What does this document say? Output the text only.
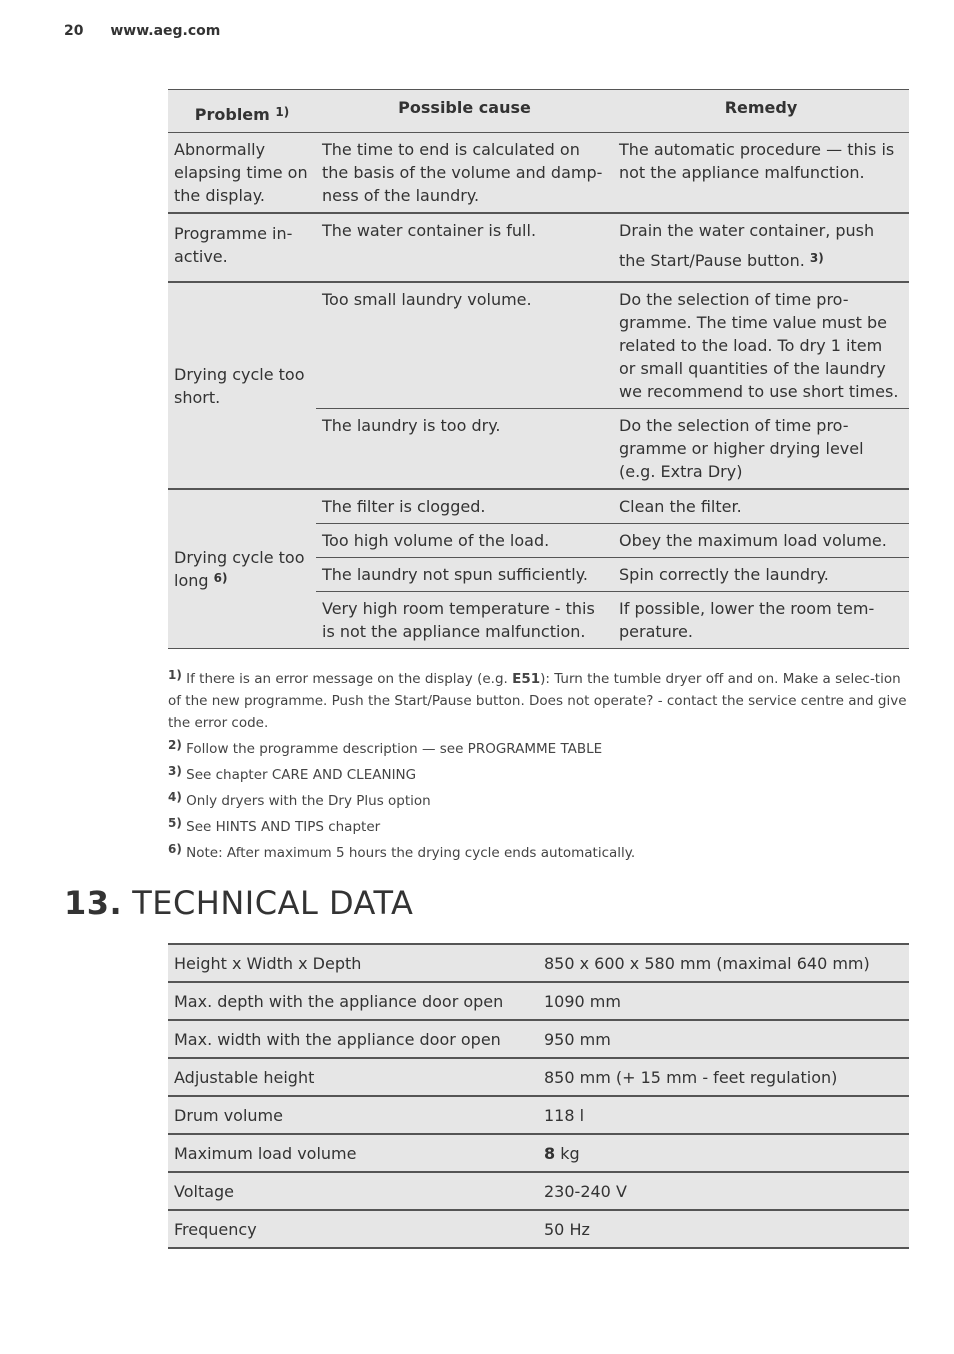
20 www.aeg.com
Problem $^{1)}$	Possible cause	Remedy
Abnormally elapsing time on the display.	The time to end is calculated on the basis of the volume and damp-ness of the laundry.	The automatic procedure — this is not the appliance malfunction.
Programme in-active.	The water container is full.	Drain the water container, push the Start/Pause button. $^{3)}$
Drying cycle too short.	Too small laundry volume.	Do the selection of time pro-gramme. The time value must be related to the load. To dry 1 item or small quantities of the laundry we recommend to use short times.
	The laundry is too dry.	Do the selection of time pro-gramme or higher drying level (e.g. Extra Dry)
Drying cycle too long $^{6)}$	The filter is clogged.	Clean the filter.
	Too high volume of the load.	Obey the maximum load volume.
	The laundry not spun sufficiently.	Spin correctly the laundry.
	Very high room temperature - this is not the appliance malfunction.	If possible, lower the room tem-perature.

$^{1)}$ If there is an error message on the display (e.g. E51): Turn the tumble dryer off and on. Make a selec-tion of the new programme. Push the Start/Pause button. Does not operate? - contact the service centre and give the error code.

$^{2)}$ Follow the programme description — see PROGRAMME TABLE

$^{3)}$ See chapter CARE AND CLEANING

$^{4)}$ Only dryers with the Dry Plus option

$^{5)}$ See HINTS AND TIPS chapter

$^{6)}$ Note: After maximum 5 hours the drying cycle ends automatically.

13. TECHNICAL DATA
Height x Width x Depth	850 x 600 x 580 mm (maximal 640 mm)
Max. depth with the appliance door open	1090 mm
Max. width with the appliance door open	950 mm
Adjustable height	850 mm (+ 15 mm - feet regulation)
Drum volume	118 l
Maximum load volume	8 kg
Voltage	230-240 V
Frequency	50 Hz
